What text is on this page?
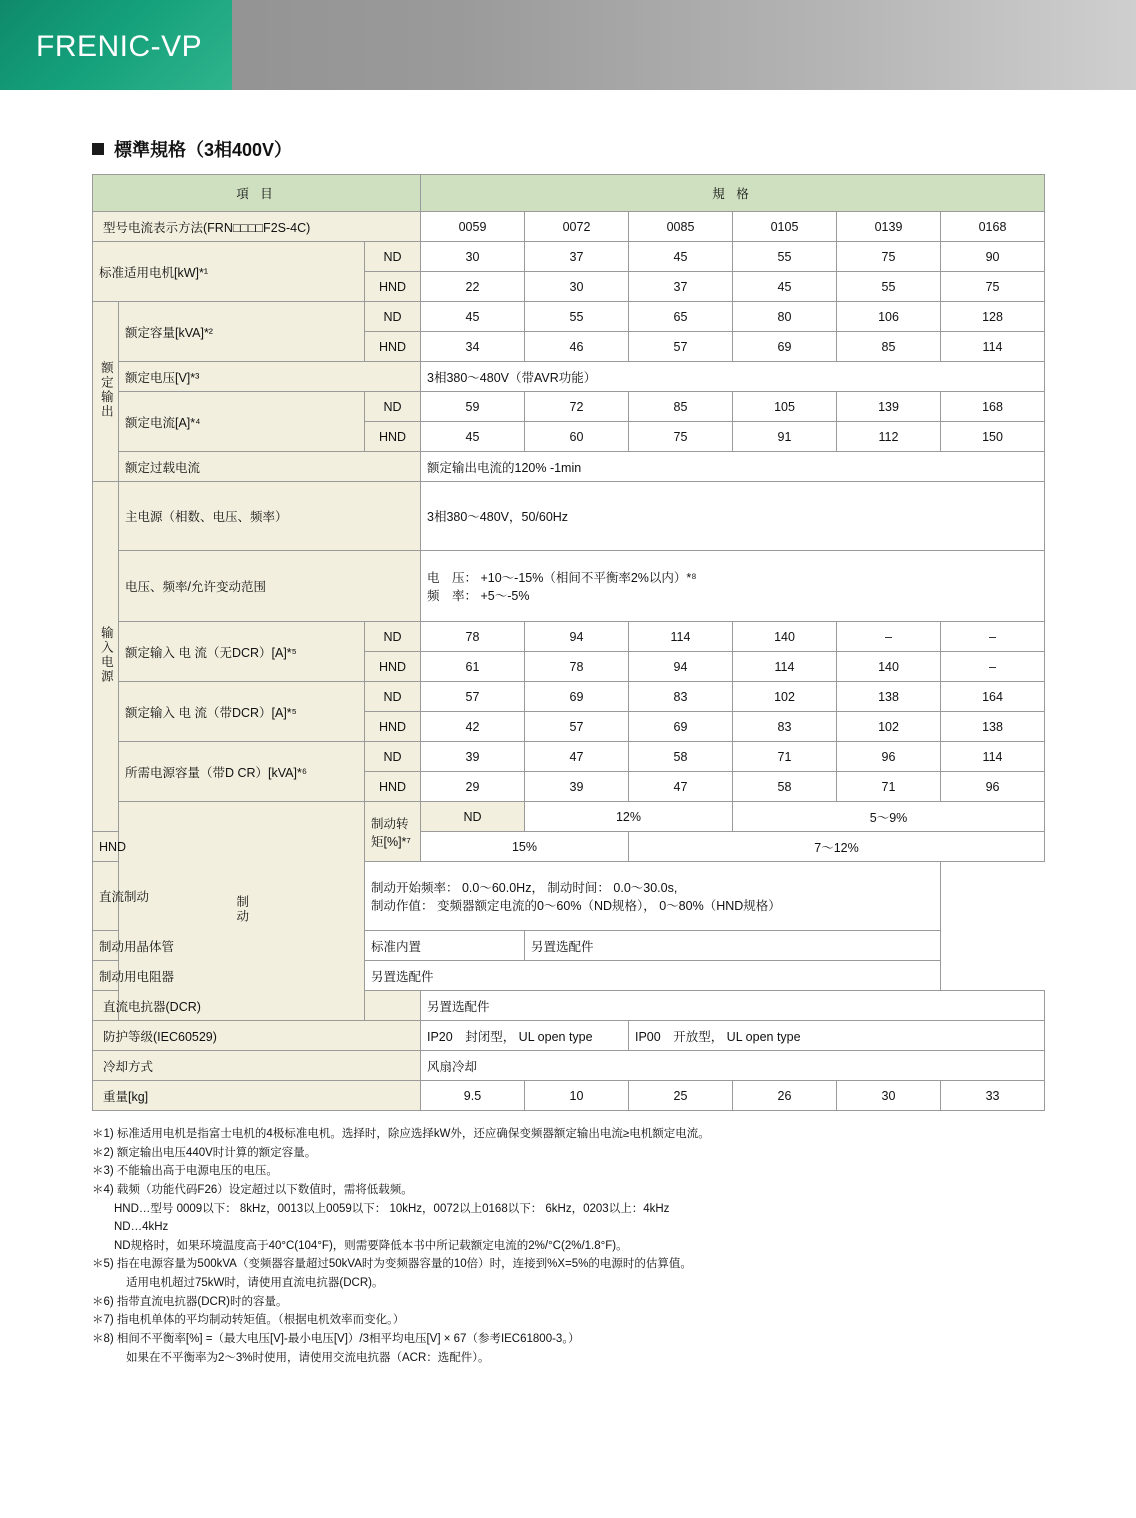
FRENIC-VP
標準規格（3相400V）
項 目			規 格					
型号电流表示方法(FRN□□□□F2S-4C)			0059	0072	0085	0105	0139	0168
标准适用电机[kW]*¹		ND	30	37	45	55	75	90
		HND	22	30	37	45	55	75
额定输出	额定容量[kVA]*²	ND	45	55	65	80	106	128
		HND	34	46	57	69	85	114
	额定电压[V]*³		3相380〜480V（带AVR功能）					
	额定电流[A]*⁴	ND	59	72	85	105	139	168
		HND	45	60	75	91	112	150
	额定过载电流		额定输出电流的120% -1min					
输入电源	主电源（相数、电压、频率）		3相380〜480V，50/60Hz					
	电压、频率/允许变动范围		电　压： +10〜-15%（相间不平衡率2%以内）*⁸
频　率： +5〜-5%					

	额定输入 电 流（无DCR）[A]*⁵	ND	78	94	114	140	–	–
		HND	61	78	94	114	140	–
	额定输入 电 流（带DCR）[A]*⁵	ND	57	69	83	102	138	164
		HND	42	57	69	83	102	138
	所需电源容量（带D CR）[kVA]*⁶	ND	39	47	58	71	96	114
		HND	29	39	47	58	71	96
	制动	制动转矩[%]*⁷	ND	12%		5〜9%		
HND			15%		7〜12%			
直流制动		制动开始频率： 0.0〜60.0Hz， 制动时间： 0.0〜30.0s,
制动作值： 变频器额定电流的0〜60%（ND规格）， 0〜80%（HND规格）						

制动用晶体管		标准内置		另置选配件				
制动用电阻器		另置选配件						
直流电抗器(DCR)			另置选配件					
防护等级(IEC60529)			IP20　封闭型， UL open type		IP00　开放型， UL open type			
冷却方式			风扇冷却					
重量[kg]			9.5	10	25	26	30	33
＊1) 标准适用电机是指富士电机的4极标准电机。选择时，除应选择kW外，还应确保变频器额定输出电流≥电机额定电流。
＊2) 额定输出电压440V时计算的额定容量。
＊3) 不能输出高于电源电压的电压。
＊4) 载频（功能代码F26）设定超过以下数值时，需将低载频。
HND…型号 0009以下： 8kHz，0013以上0059以下： 10kHz，0072以上0168以下： 6kHz，0203以上：4kHz
ND…4kHz
ND规格时，如果环境温度高于40°C(104°F)，则需要降低本书中所记载额定电流的2%/°C(2%/1.8°F)。
＊5) 指在电源容量为500kVA（变频器容量超过50kVA时为变频器容量的10倍）时，连接到%X=5%的电源时的估算值。
适用电机超过75kW时，请使用直流电抗器(DCR)。
＊6) 指带直流电抗器(DCR)时的容量。
＊7) 指电机单体的平均制动转矩值。（根据电机效率而变化。）
＊8) 相间不平衡率[%] =（最大电压[V]-最小电压[V]）/3相平均电压[V] × 67（参考IEC61800-3。）
如果在不平衡率为2〜3%时使用，请使用交流电抗器（ACR：选配件）。
